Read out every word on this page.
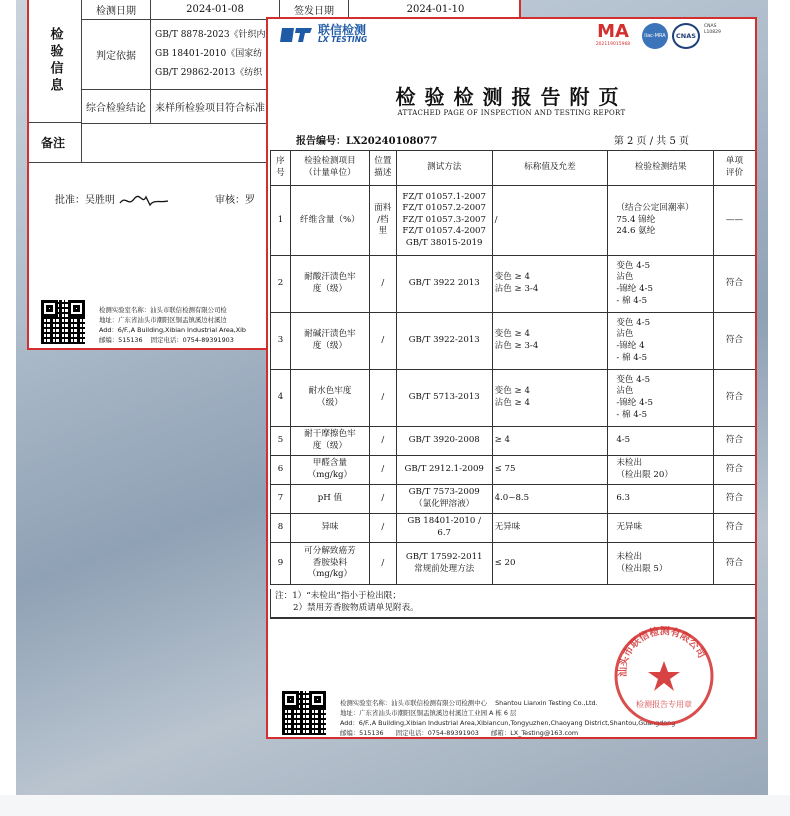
检验信息
检测日期	2024-01-08	签发日期	2024-01-10
判定依据	GB/T 8878-2023《针织内
GB 18401-2010《国家纺
GB/T 29862-2013《纺织		

综合检验结论	来样所检验项目符合标准		
备注
批准：吴胜明	审核：罗
检测实验室名称：汕头市联信检测有限公司检
地址：广东省汕头市潮阳区铜盂镇溪边村溪边
Add：6/F.,A Building,Xibian Industrial Area,Xib
邮编：515136 固定电话：0754-89391903
联信检测
LX TESTING	MA
202119015968
ilac-MRA	CNAS
CNAS
L10829
检验检测报告附页
ATTACHED PAGE OF INSPECTION AND TESTING REPORT
报告编号：LX20240108077	第 2 页 / 共 5 页
序号	检验检测项目
（计量单位）	位置
描述	测试方法	标称值及允差	检验检测结果	单项
评价
1	纤维含量（%）	面料
/档
里	FZ/T 01057.1-2007
FZ/T 01057.2-2007
FZ/T 01057.3-2007
FZ/T 01057.4-2007
GB/T 38015-2019	/	（结合公定回潮率）
75.4 锦纶
24.6 氨纶	——
2	耐酸汗渍色牢
度（级）	/	GB/T 3922 2013	变色 ≥ 4
沾色 ≥ 3-4	变色 4-5
沾色
-锦纶 4-5
- 棉 4-5	符合
3	耐碱汗渍色牢
度（级）	/	GB/T 3922-2013	变色 ≥ 4
沾色 ≥ 3-4	变色 4-5
沾色
-锦纶 4
- 棉 4-5	符合
4	耐水色牢度
（级）	/	GB/T 5713-2013	变色 ≥ 4
沾色 ≥ 4	变色 4-5
沾色
-锦纶 4-5
- 棉 4-5	符合
5	耐干摩擦色牢
度（级）	/	GB/T 3920-2008	≥ 4	4-5	符合
6	甲醛含量
（mg/kg）	/	GB/T 2912.1-2009	≤ 75	未检出
（检出限 20）	符合
7	pH 值	/	GB/T 7573-2009
（氯化钾溶液）	4.0~8.5	6.3	符合
8	异味	/	GB 18401-2010 /
6.7	无异味	无异味	符合
9	可分解致癌芳
香胺染料
（mg/kg）	/	GB/T 17592-2011
常规前处理方法	≤ 20	未检出
（检出限 5）	符合
注：1）“未检出”指小于检出限；
2）禁用芳香胺物质请单见附表。
检测实验室名称：汕头市联信检测有限公司检测中心 Shantou Lianxin Testing Co.,Ltd.
地址：广东省汕头市潮阳区铜盂镇溪边村溪边工业园 A 栋 6 层
Add：6/F.,A Building,Xibian Industrial Area,Xibiancun,Tongyuzhen,Chaoyang District,Shantou,Guangdong
邮编：515136 固定电话：0754-89391903 邮箱：LX_Testing@163.com
汕头市联信检测有限公司
检测报告专用章
